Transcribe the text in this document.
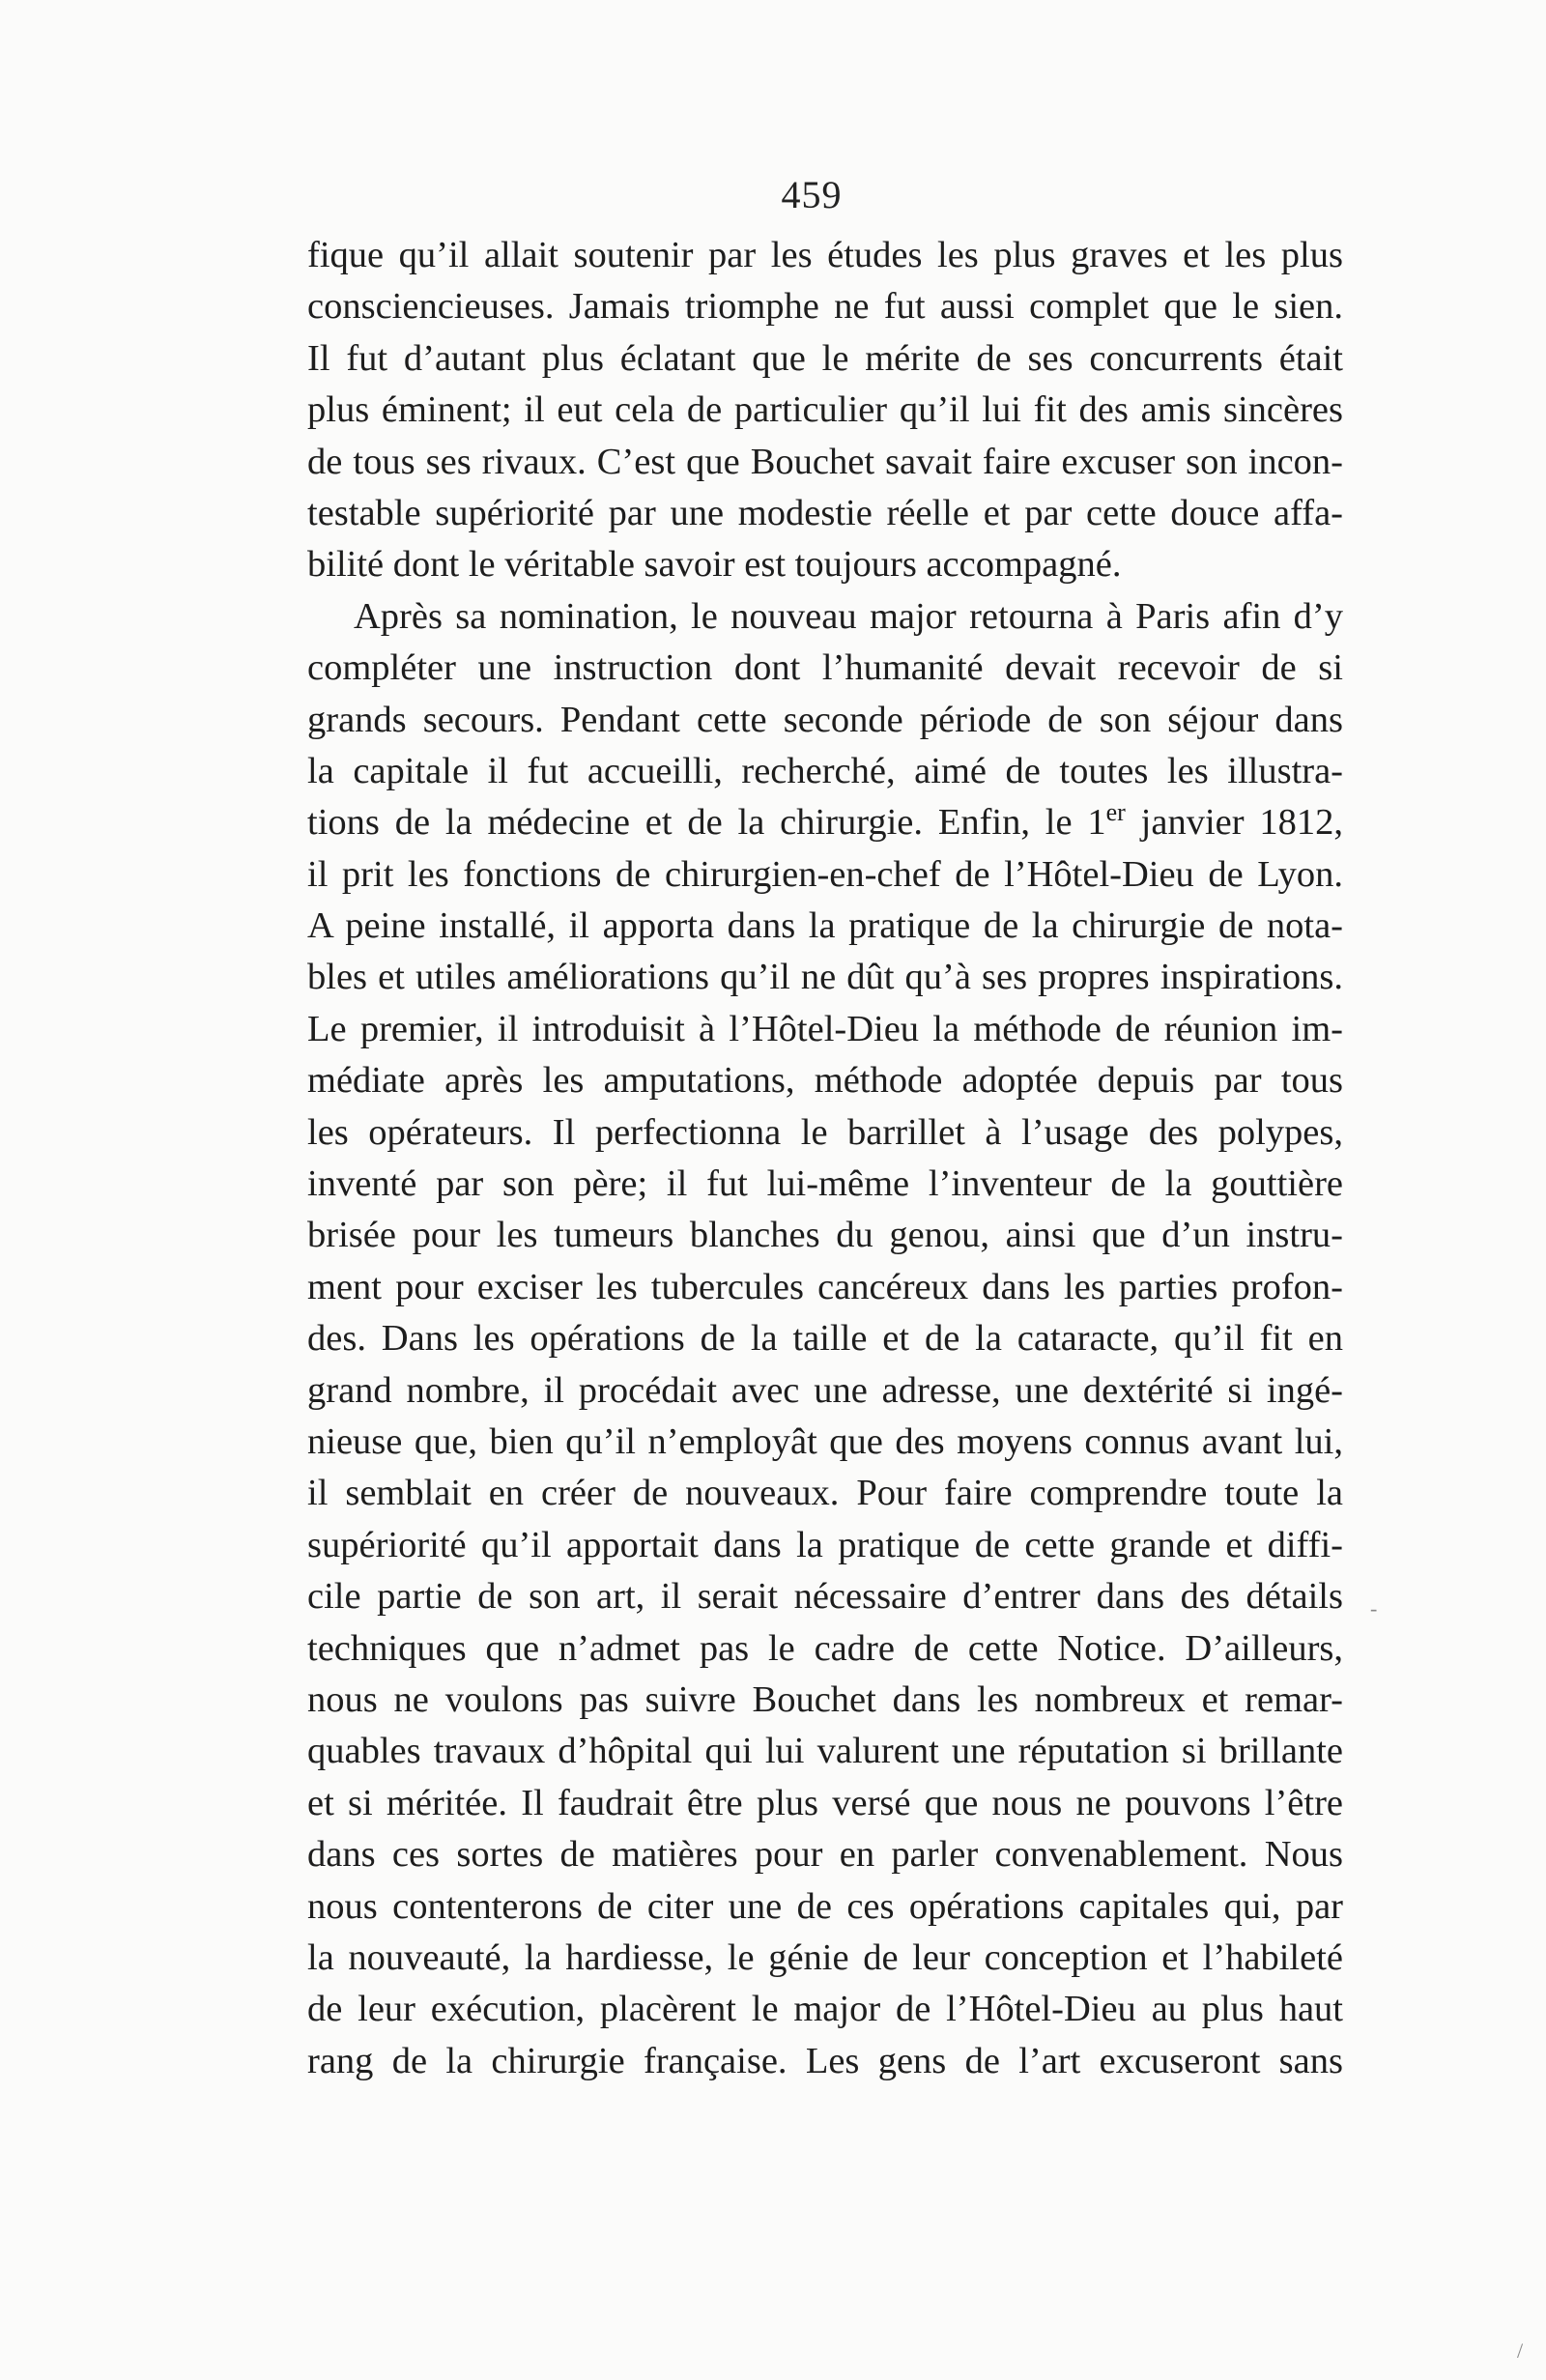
459
fique qu’il allait soutenir par les études les plus graves et les plus
consciencieuses. Jamais triomphe ne fut aussi complet que le sien.
Il fut d’autant plus éclatant que le mérite de ses concurrents était
plus éminent; il eut cela de particulier qu’il lui fit des amis sincères
de tous ses rivaux. C’est que Bouchet savait faire excuser son incon-
testable supériorité par une modestie réelle et par cette douce affa-
bilité dont le véritable savoir est toujours accompagné.
Après sa nomination, le nouveau major retourna à Paris afin d’y
compléter une instruction dont l’humanité devait recevoir de si
grands secours. Pendant cette seconde période de son séjour dans
la capitale il fut accueilli, recherché, aimé de toutes les illustra-
tions de la médecine et de la chirurgie. Enfin, le 1er janvier 1812,
il prit les fonctions de chirurgien-en-chef de l’Hôtel-Dieu de Lyon.
A peine installé, il apporta dans la pratique de la chirurgie de nota-
bles et utiles améliorations qu’il ne dût qu’à ses propres inspirations.
Le premier, il introduisit à l’Hôtel-Dieu la méthode de réunion im-
médiate après les amputations, méthode adoptée depuis par tous
les opérateurs. Il perfectionna le barrillet à l’usage des polypes,
inventé par son père; il fut lui-même l’inventeur de la gouttière
brisée pour les tumeurs blanches du genou, ainsi que d’un instru-
ment pour exciser les tubercules cancéreux dans les parties profon-
des. Dans les opérations de la taille et de la cataracte, qu’il fit en
grand nombre, il procédait avec une adresse, une dextérité si ingé-
nieuse que, bien qu’il n’employât que des moyens connus avant lui,
il semblait en créer de nouveaux. Pour faire comprendre toute la
supériorité qu’il apportait dans la pratique de cette grande et diffi-
cile partie de son art, il serait nécessaire d’entrer dans des détails
techniques que n’admet pas le cadre de cette Notice. D’ailleurs,
nous ne voulons pas suivre Bouchet dans les nombreux et remar-
quables travaux d’hôpital qui lui valurent une réputation si brillante
et si méritée. Il faudrait être plus versé que nous ne pouvons l’être
dans ces sortes de matières pour en parler convenablement. Nous
nous contenterons de citer une de ces opérations capitales qui, par
la nouveauté, la hardiesse, le génie de leur conception et l’habileté
de leur exécution, placèrent le major de l’Hôtel-Dieu au plus haut
rang de la chirurgie française. Les gens de l’art excuseront sans
-
/
